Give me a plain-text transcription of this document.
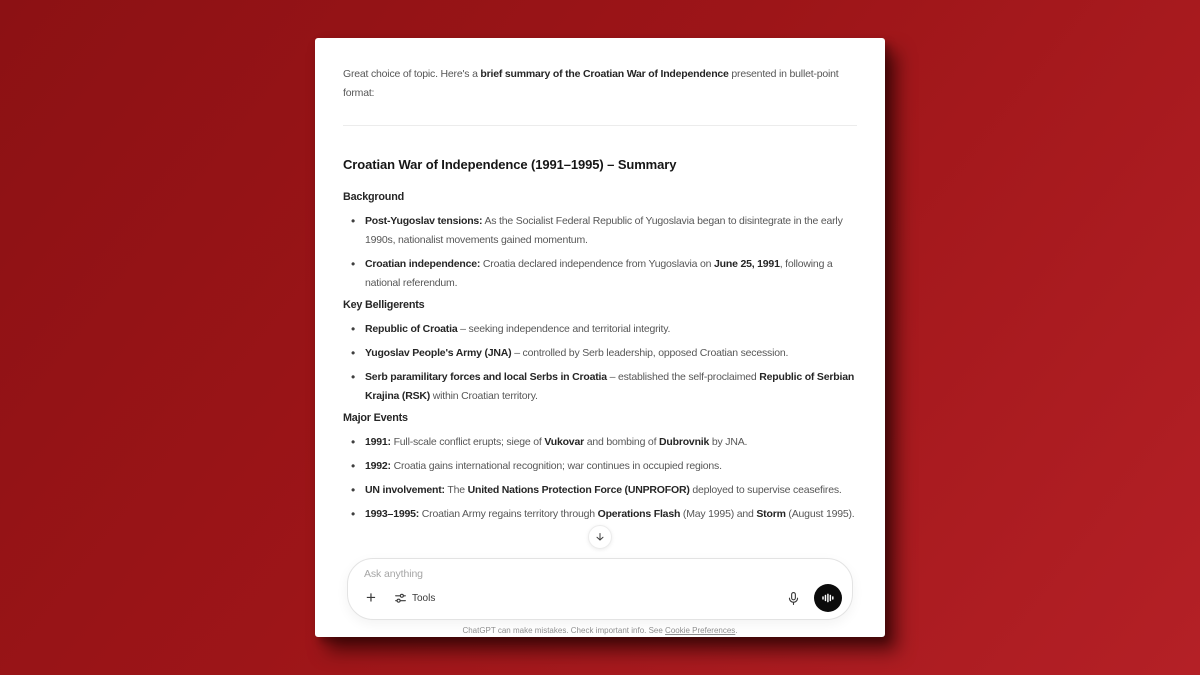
Great choice of topic. Here's a brief summary of the Croatian War of Independence presented in bullet-point format:

Croatian War of Independence (1991–1995) – Summary
Background
• Post-Yugoslav tensions: As the Socialist Federal Republic of Yugoslavia began to disintegrate in the early 1990s, nationalist movements gained momentum.
• Croatian independence: Croatia declared independence from Yugoslavia on June 25, 1991, following a national referendum.
Key Belligerents
• Republic of Croatia – seeking independence and territorial integrity.
• Yugoslav People's Army (JNA) – controlled by Serb leadership, opposed Croatian secession.
• Serb paramilitary forces and local Serbs in Croatia – established the self-proclaimed Republic of Serbian Krajina (RSK) within Croatian territory.
Major Events
• 1991: Full-scale conflict erupts; siege of Vukovar and bombing of Dubrovnik by JNA.
• 1992: Croatia gains international recognition; war continues in occupied regions.
• UN involvement: The United Nations Protection Force (UNPROFOR) deployed to supervise ceasefires.
• 1993–1995: Croatian Army regains territory through Operations Flash (May 1995) and Storm (August 1995).
Ask anything
+	Tools
ChatGPT can make mistakes. Check important info. See Cookie Preferences.
